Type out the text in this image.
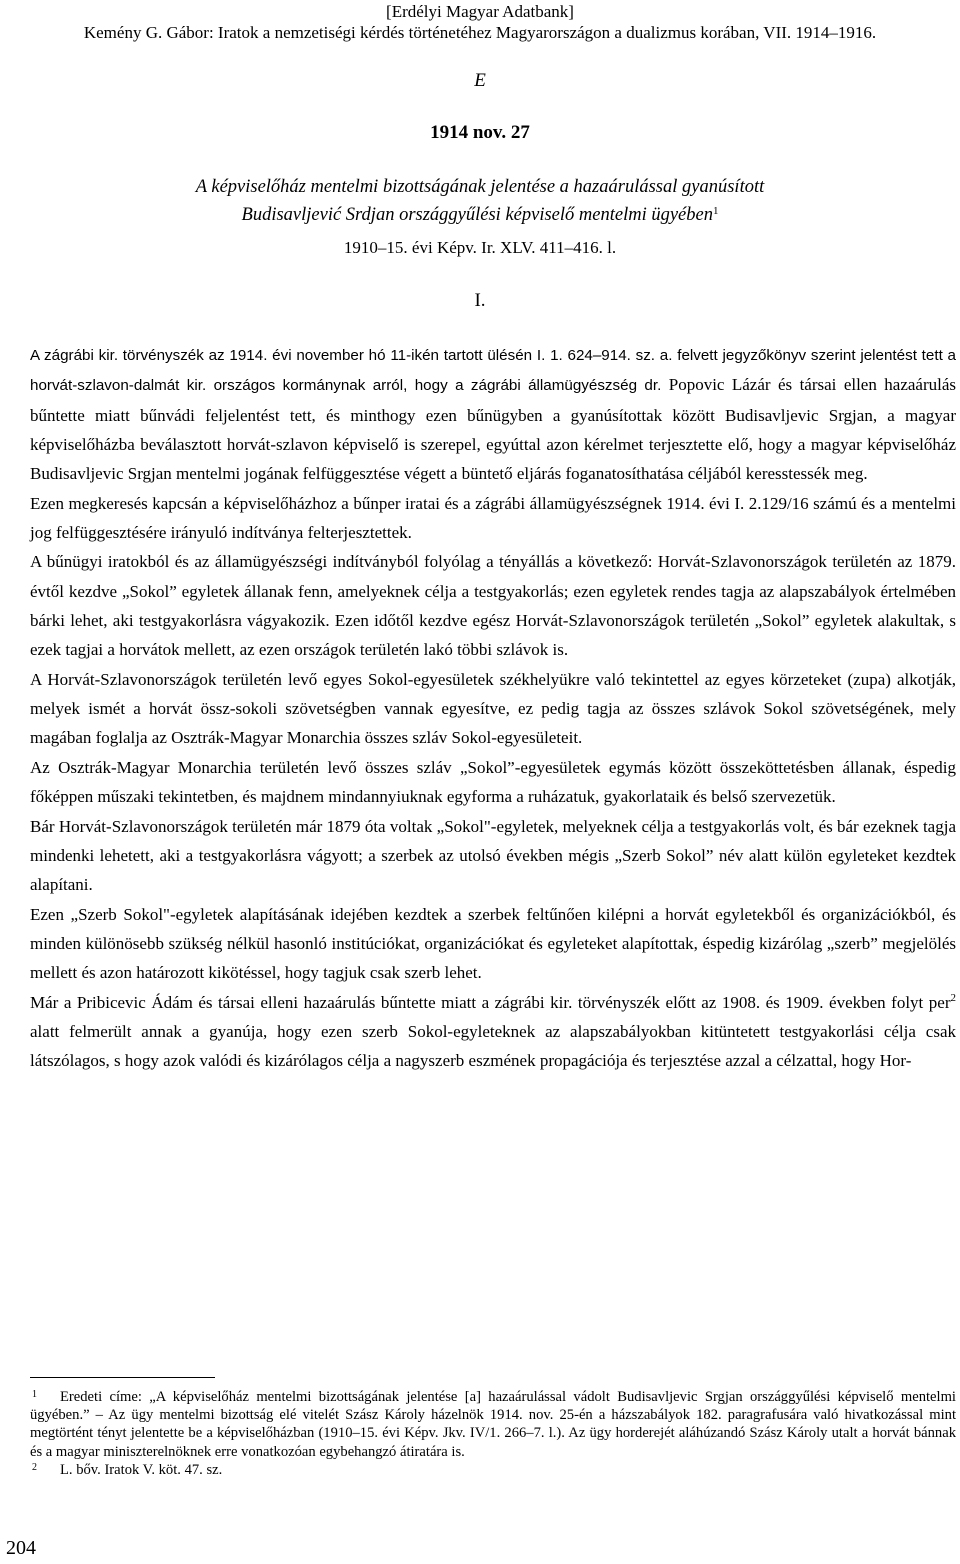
[Erdélyi Magyar Adatbank]
Kemény G. Gábor: Iratok a nemzetiségi kérdés történetéhez Magyarországon a dualizmus korában, VII. 1914–1916.
E
1914 nov. 27
A képviselőház mentelmi bizottságának jelentése a hazaárulással gyanúsított
Budisavljević Srdjan országgyűlési képviselő mentelmi ügyében$^1$
1910–15. évi Képv. Ir. XLV. 411–416. l.
I.

A zágrábi kir. törvényszék az 1914. évi november hó 11-ikén tartott ülésén I. 1. 624–914. sz. a. felvett jegyzőkönyv szerint jelentést tett a horvát-szlavon-dalmát kir. országos kormánynak arról, hogy a zágrábi államügyészség dr. Popovic Lázár és társai ellen hazaárulás bűntette miatt bűnvádi feljelentést tett, és minthogy ezen bűnügyben a gyanúsítottak között Budisavljevic Srgjan, a magyar képviselőházba beválasztott horvát-szlavon képviselő is szerepel, egyúttal azon kérelmet terjesztette elő, hogy a magyar képviselőház Budisavljevic Srgjan mentelmi jogának felfüggesztése végett a büntető eljárás foganatosíthatása céljából keresstessék meg.

Ezen megkeresés kapcsán a képviselőházhoz a bűnper iratai és a zágrábi államügyészségnek 1914. évi I. 2.129/16 számú és a mentelmi jog felfüggesztésére irányuló indítványa felterjesztettek.

A bűnügyi iratokból és az államügyészségi indítványból folyólag a tényállás a következő: Horvát-Szlavonországok területén az 1879. évtől kezdve „Sokol” egyletek állanak fenn, amelyeknek célja a testgyakorlás; ezen egyletek rendes tagja az alapszabályok értelmében bárki lehet, aki testgyakorlásra vágyakozik. Ezen időtől kezdve egész Horvát-Szlavonországok területén „Sokol” egyletek alakultak, s ezek tagjai a horvátok mellett, az ezen országok területén lakó többi szlávok is.

A Horvát-Szlavonországok területén levő egyes Sokol-egyesületek székhelyükre való tekintettel az egyes körzeteket (zupa) alkotják, melyek ismét a horvát össz-sokoli szövetségben vannak egyesítve, ez pedig tagja az összes szlávok Sokol szövetségének, mely magában foglalja az Osztrák-Magyar Monarchia összes szláv Sokol-egyesületeit.

Az Osztrák-Magyar Monarchia területén levő összes szláv „Sokol”-egyesületek egymás között összeköttetésben állanak, éspedig főképpen műszaki tekintetben, és majdnem mindannyiuknak egyforma a ruházatuk, gyakorlataik és belső szervezetük.

Bár Horvát-Szlavonországok területén már 1879 óta voltak „Sokol"-egyletek, melyeknek célja a testgyakorlás volt, és bár ezeknek tagja mindenki lehetett, aki a testgyakorlásra vágyott; a szerbek az utolsó években mégis „Szerb Sokol” név alatt külön egyleteket kezdtek alapítani.

Ezen „Szerb Sokol"-egyletek alapításának idejében kezdtek a szerbek feltűnően kilépni a horvát egyletekből és organizációkból, és minden különösebb szükség nélkül hasonló institúciókat, organizációkat és egyleteket alapítottak, éspedig kizárólag „szerb” megjelölés mellett és azon határozott kikötéssel, hogy tagjuk csak szerb lehet.

Már a Pribicevic Ádám és társai elleni hazaárulás bűntette miatt a zágrábi kir. törvényszék előtt az 1908. és 1909. években folyt per$^2$ alatt felmerült annak a gyanúja, hogy ezen szerb Sokol-egyleteknek az alapszabályokban kitüntetett testgyakorlási célja csak látszólagos, s hogy azok valódi és kizárólagos célja a nagyszerb eszmének propagációja és terjesztése azzal a célzattal, hogy Hor-

$^1$ Eredeti címe: „A képviselőház mentelmi bizottságának jelentése [a] hazaárulással vádolt Budisavljevic Srgjan országgyűlési képviselő mentelmi ügyében.” – Az ügy mentelmi bizottság elé vitelét Szász Károly házelnök 1914. nov. 25-én a házszabályok 182. paragrafusára való hivatkozással mint megtörtént tényt jelentette be a képviselőházban (1910–15. évi Képv. Jkv. IV/1. 266–7. l.). Az ügy horderejét aláhúzandó Szász Károly utalt a horvát bánnak és a magyar miniszterelnöknek erre vonatkozóan egybehangzó átiratára is.

$^2$ L. bőv. Iratok V. köt. 47. sz.

204
